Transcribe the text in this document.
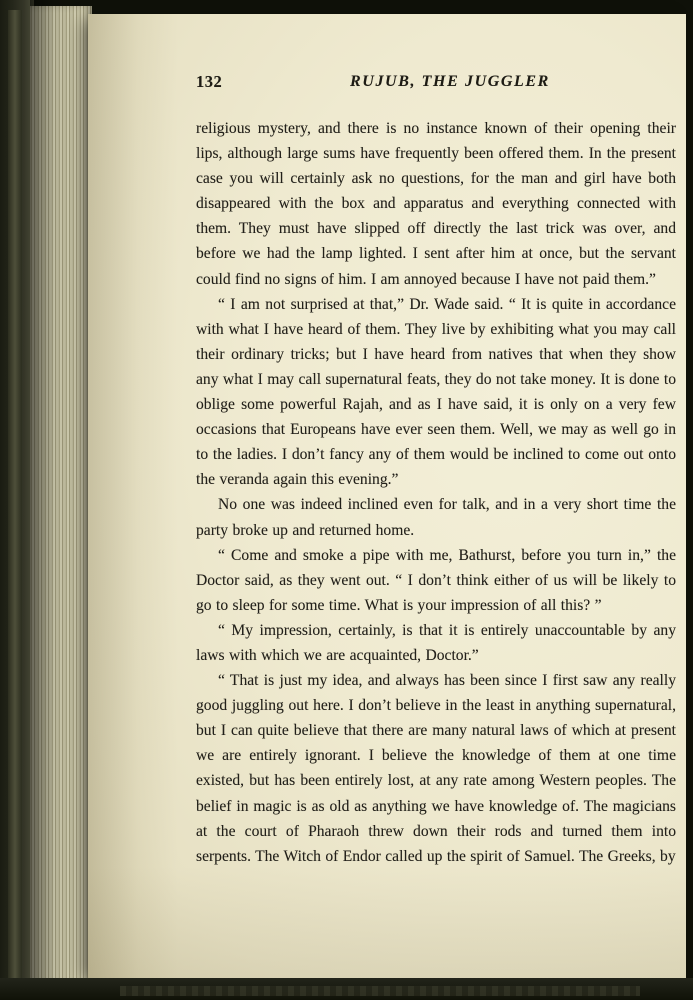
132	RUJUB, THE JUGGLER

religious mystery, and there is no instance known of their opening their lips, although large sums have frequently been offered them. In the present case you will certainly ask no questions, for the man and girl have both disappeared with the box and apparatus and everything connected with them. They must have slipped off directly the last trick was over, and before we had the lamp lighted. I sent after him at once, but the servant could find no signs of him. I am annoyed because I have not paid them.”

“ I am not surprised at that,” Dr. Wade said. “ It is quite in accordance with what I have heard of them. They live by exhibiting what you may call their ordinary tricks; but I have heard from natives that when they show any what I may call supernatural feats, they do not take money. It is done to oblige some powerful Rajah, and as I have said, it is only on a very few occasions that Europeans have ever seen them. Well, we may as well go in to the ladies. I don’t fancy any of them would be inclined to come out onto the veranda again this evening.”

No one was indeed inclined even for talk, and in a very short time the party broke up and returned home.

“ Come and smoke a pipe with me, Bathurst, before you turn in,” the Doctor said, as they went out. “ I don’t think either of us will be likely to go to sleep for some time. What is your impression of all this? ”

“ My impression, certainly, is that it is entirely unaccountable by any laws with which we are acquainted, Doctor.”

“ That is just my idea, and always has been since I first saw any really good juggling out here. I don’t believe in the least in anything supernatural, but I can quite believe that there are many natural laws of which at present we are entirely ignorant. I believe the knowledge of them at one time existed, but has been entirely lost, at any rate among Western peoples. The belief in magic is as old as anything we have knowledge of. The magicians at the court of Pharaoh threw down their rods and turned them into serpents. The Witch of Endor called up the spirit of Samuel. The Greeks, by
